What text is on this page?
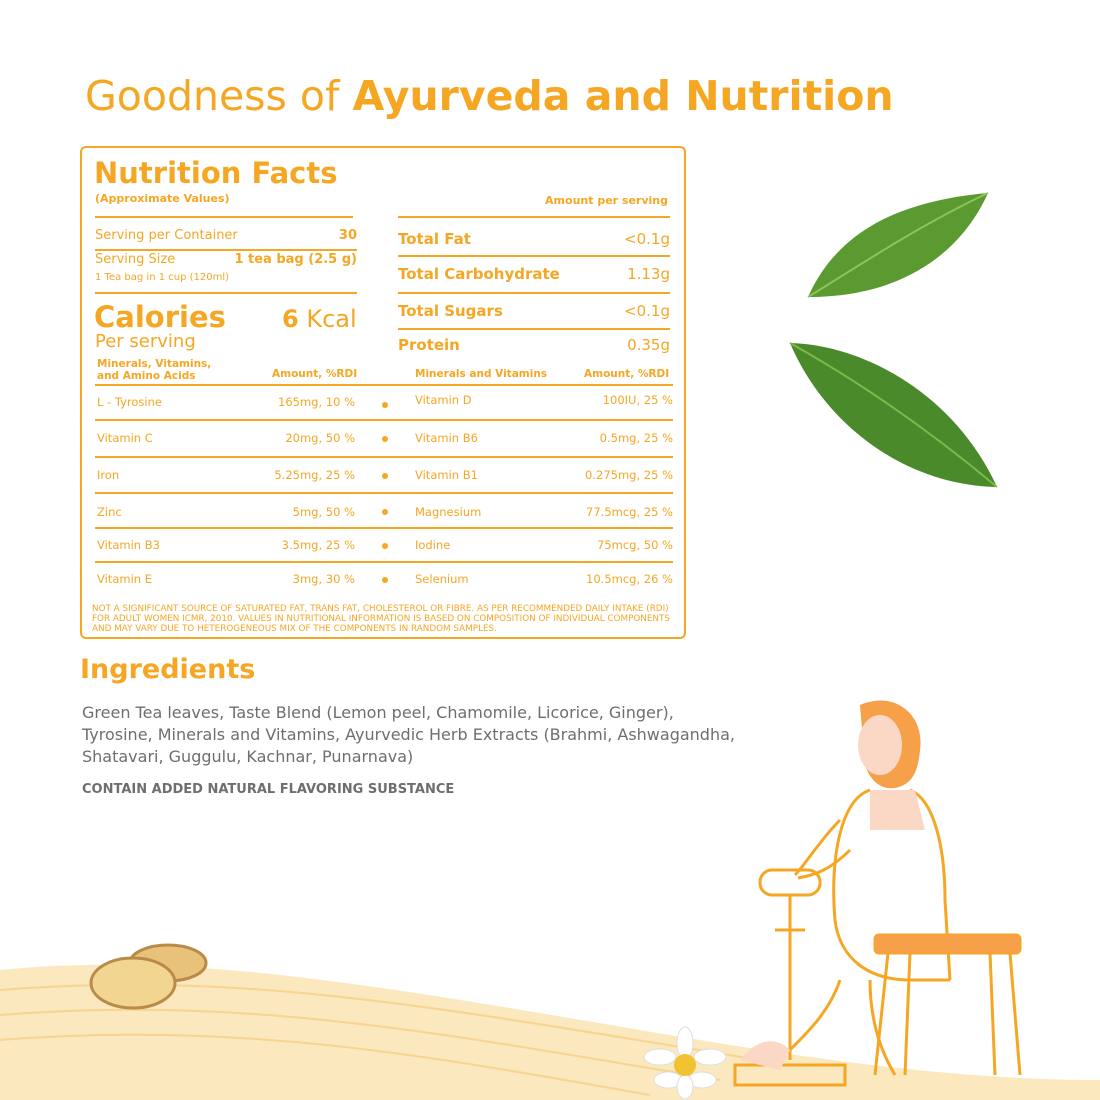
Goodness of Ayurveda and Nutrition
Nutrition Facts
(Approximate Values)	Amount per serving
Serving per Container	30
Serving Size	1 tea bag (2.5 g)
1 Tea bag in 1 cup (120ml)
Calories 6 Kcal
Per serving
Total Fat	<0.1g
Total Carbohydrate	1.13g
Total Sugars	<0.1g
Protein	0.35g
Minerals, Vitamins, and Amino Acids	Amount, %RDI	Minerals and Vitamins	Amount, %RDI
L - Tyrosine	165mg, 10 %	Vitamin D	100IU, 25 %
Vitamin C	20mg, 50 %	Vitamin B6	0.5mg, 25 %
Iron	5.25mg, 25 %	Vitamin B1	0.275mg, 25 %
Zinc	5mg, 50 %	Magnesium	77.5mcg, 25 %
Vitamin B3	3.5mg, 25 %	Iodine	75mcg, 50 %
Vitamin E	3mg, 30 %	Selenium	10.5mcg, 26 %
NOT A SIGNIFICANT SOURCE OF SATURATED FAT, TRANS FAT, CHOLESTEROL OR FIBRE. AS PER RECOMMENDED DAILY INTAKE (RDI) FOR ADULT WOMEN ICMR, 2010. VALUES IN NUTRITIONAL INFORMATION IS BASED ON COMPOSITION OF INDIVIDUAL COMPONENTS AND MAY VARY DUE TO HETEROGENEOUS MIX OF THE COMPONENTS IN RANDOM SAMPLES.
Ingredients

Green Tea leaves, Taste Blend (Lemon peel, Chamomile, Licorice, Ginger), Tyrosine, Minerals and Vitamins, Ayurvedic Herb Extracts (Brahmi, Ashwagandha, Shatavari, Guggulu, Kachnar, Punarnava)

CONTAIN ADDED NATURAL FLAVORING SUBSTANCE
